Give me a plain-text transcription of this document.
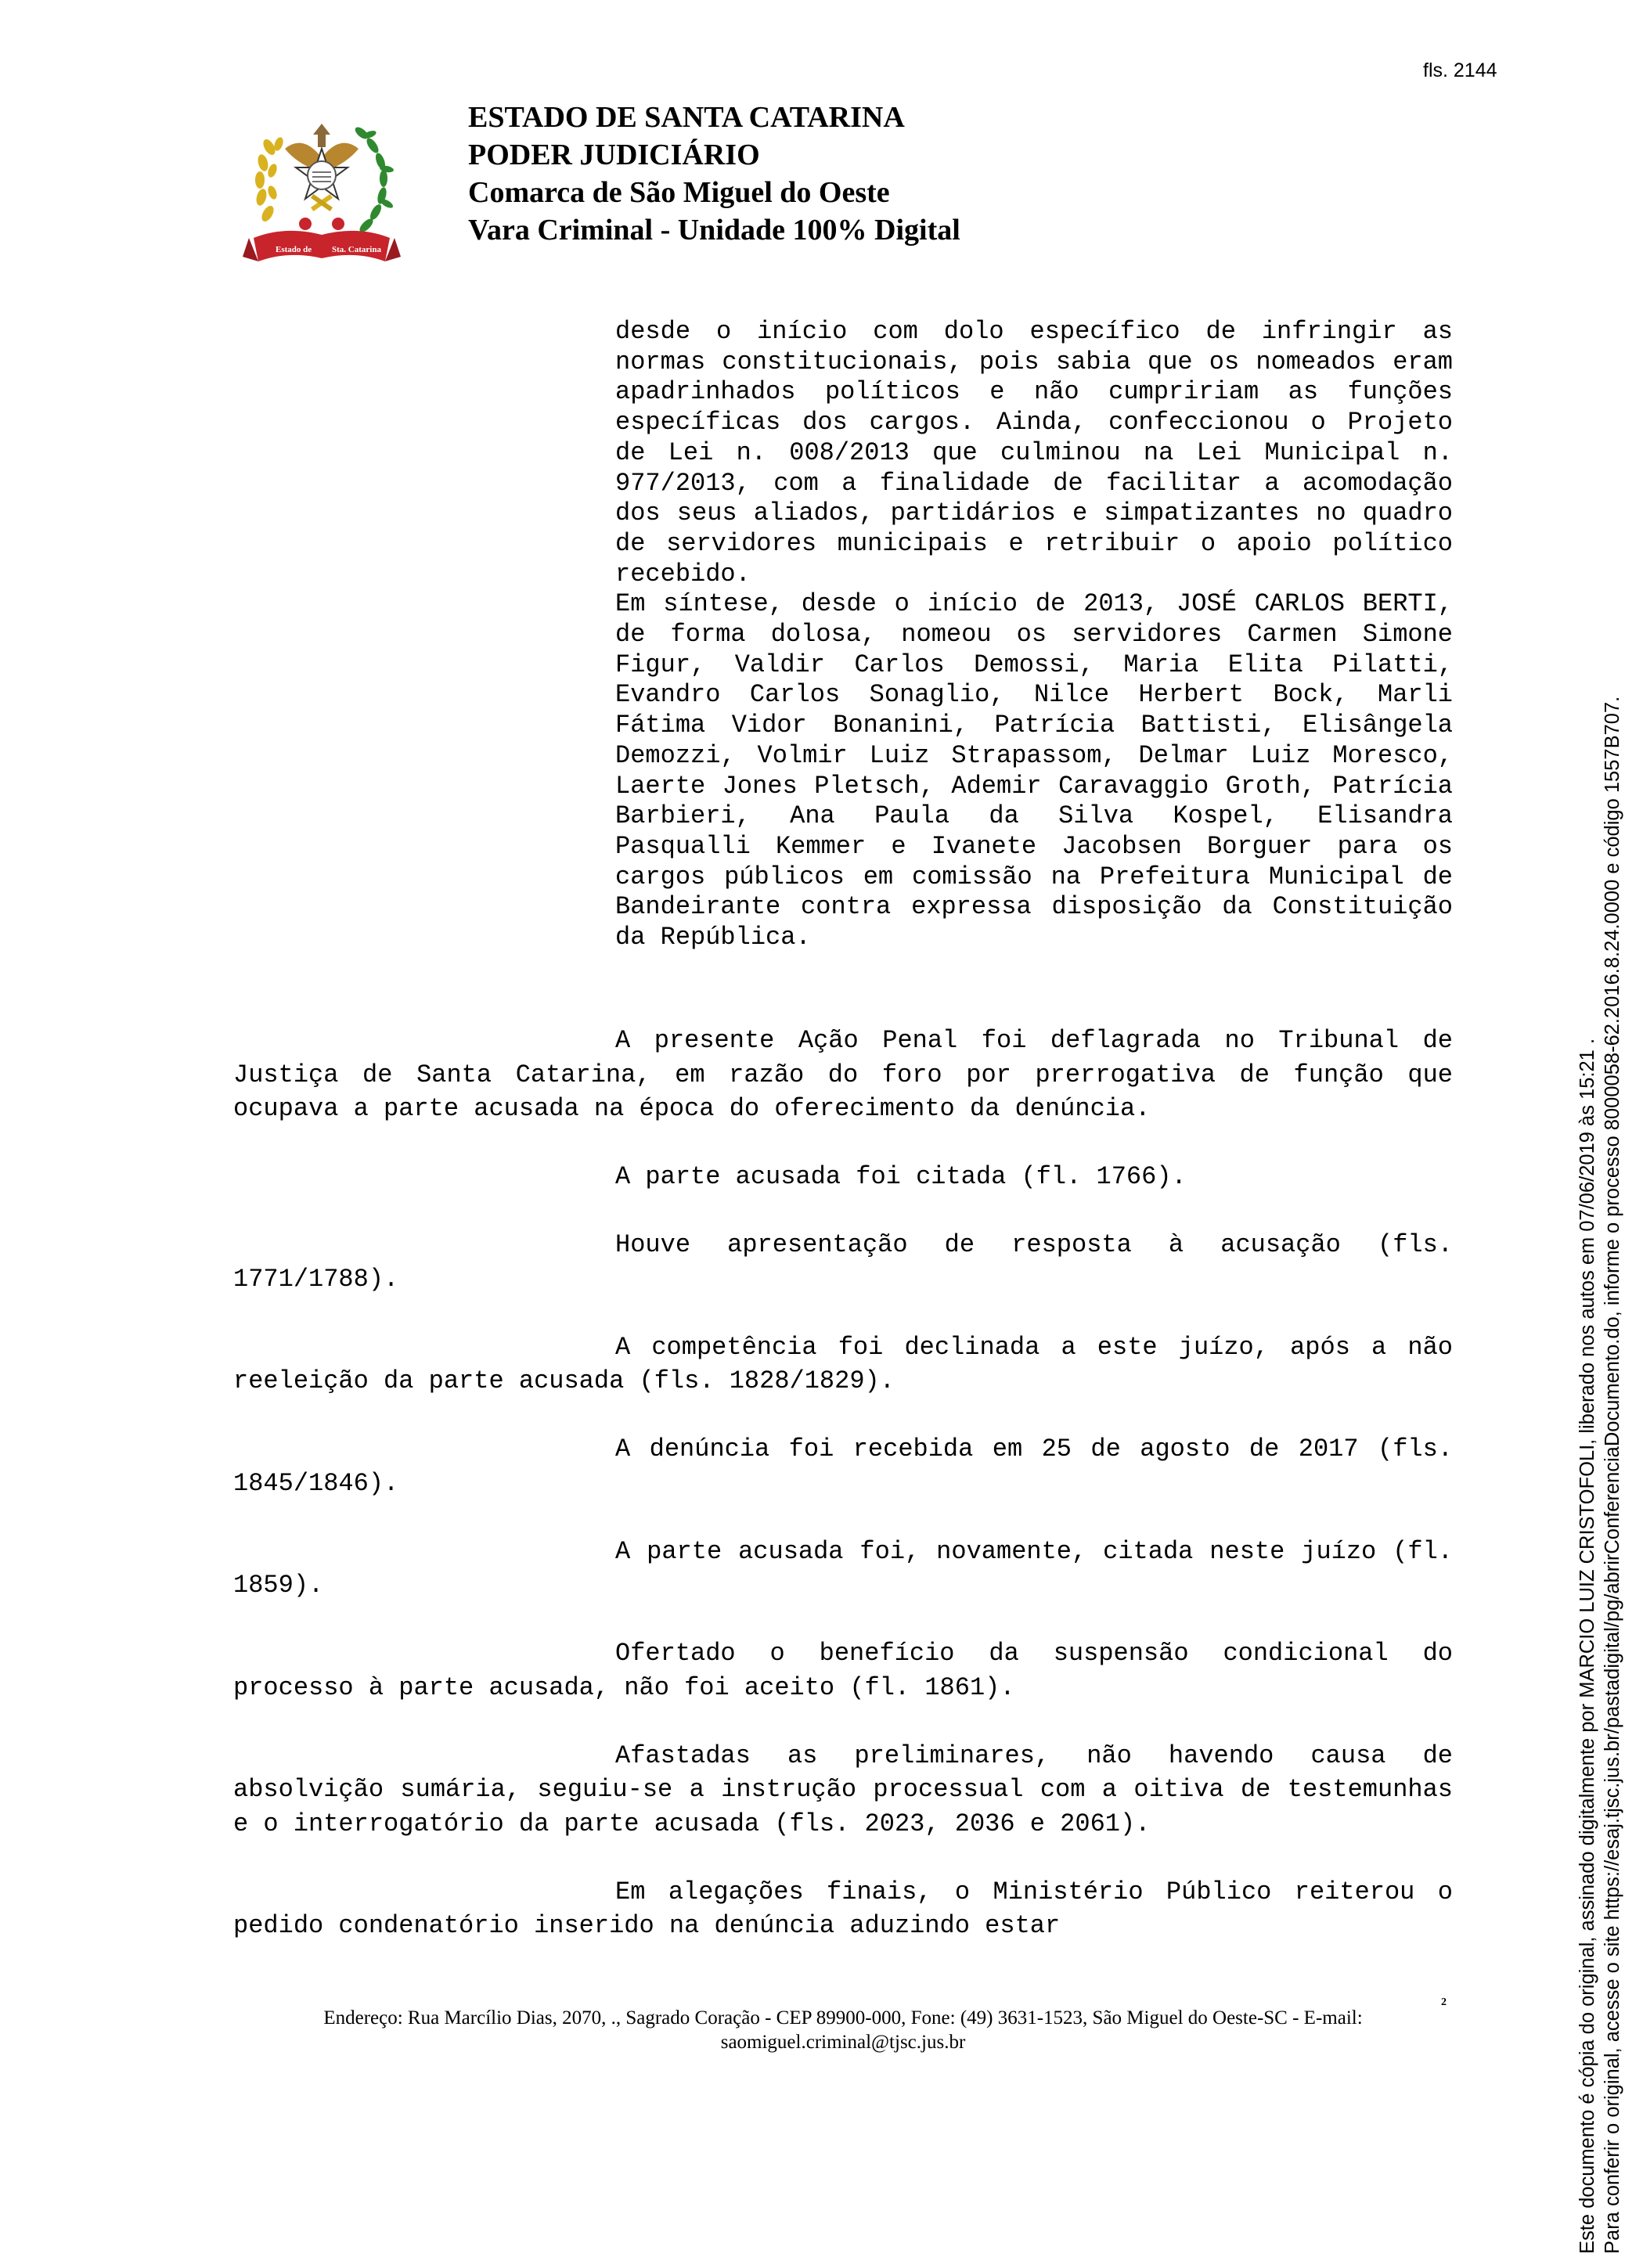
fls. 2144
Estado de Sta. Catarina
ESTADO DE SANTA CATARINA
PODER JUDICIÁRIO
Comarca de São Miguel do Oeste
Vara Criminal - Unidade 100% Digital

desde o início com dolo específico de infringir as normas constitucionais, pois sabia que os nomeados eram apadrinhados políticos e não cumpririam as funções específicas dos cargos. Ainda, confeccionou o Projeto de Lei n. 008/2013 que culminou na Lei Municipal n. 977/2013, com a finalidade de facilitar a acomodação dos seus aliados, partidários e simpatizantes no quadro de servidores municipais e retribuir o apoio político recebido.

Em síntese, desde o início de 2013, JOSÉ CARLOS BERTI, de forma dolosa, nomeou os servidores Carmen Simone Figur, Valdir Carlos Demossi, Maria Elita Pilatti, Evandro Carlos Sonaglio, Nilce Herbert Bock, Marli Fátima Vidor Bonanini, Patrícia Battisti, Elisângela Demozzi, Volmir Luiz Strapassom, Delmar Luiz Moresco, Laerte Jones Pletsch, Ademir Caravaggio Groth, Patrícia Barbieri, Ana Paula da Silva Kospel, Elisandra Pasqualli Kemmer e Ivanete Jacobsen Borguer para os cargos públicos em comissão na Prefeitura Municipal de Bandeirante contra expressa disposição da Constituição da República.

A presente Ação Penal foi deflagrada no Tribunal de Justiça de Santa Catarina, em razão do foro por prerrogativa de função que ocupava a parte acusada na época do oferecimento da denúncia.

A parte acusada foi citada (fl. 1766).

Houve apresentação de resposta à acusação (fls. 1771/1788).

A competência foi declinada a este juízo, após a não reeleição da parte acusada (fls. 1828/1829).

A denúncia foi recebida em 25 de agosto de 2017 (fls. 1845/1846).

A parte acusada foi, novamente, citada neste juízo (fl. 1859).

Ofertado o benefício da suspensão condicional do processo à parte acusada, não foi aceito (fl. 1861).

Afastadas as preliminares, não havendo causa de absolvição sumária, seguiu-se a instrução processual com a oitiva de testemunhas e o interrogatório da parte acusada (fls. 2023, 2036 e 2061).

Em alegações finais, o Ministério Público reiterou o pedido condenatório inserido na denúncia aduzindo estar

2
Endereço: Rua Marcílio Dias, 2070, ., Sagrado Coração - CEP 89900-000, Fone: (49) 3631-1523, São Miguel do Oeste-SC - E-mail:
saomiguel.criminal@tjsc.jus.br	Este documento é cópia do original, assinado digitalmente por MARCIO LUIZ CRISTOFOLI, liberado nos autos em 07/06/2019 às 15:21 . Para conferir o original, acesse o site https://esaj.tjsc.jus.br/pastadigital/pg/abrirConferenciaDocumento.do, informe o processo 8000058-62.2016.8.24.0000 e código 1557B707.
